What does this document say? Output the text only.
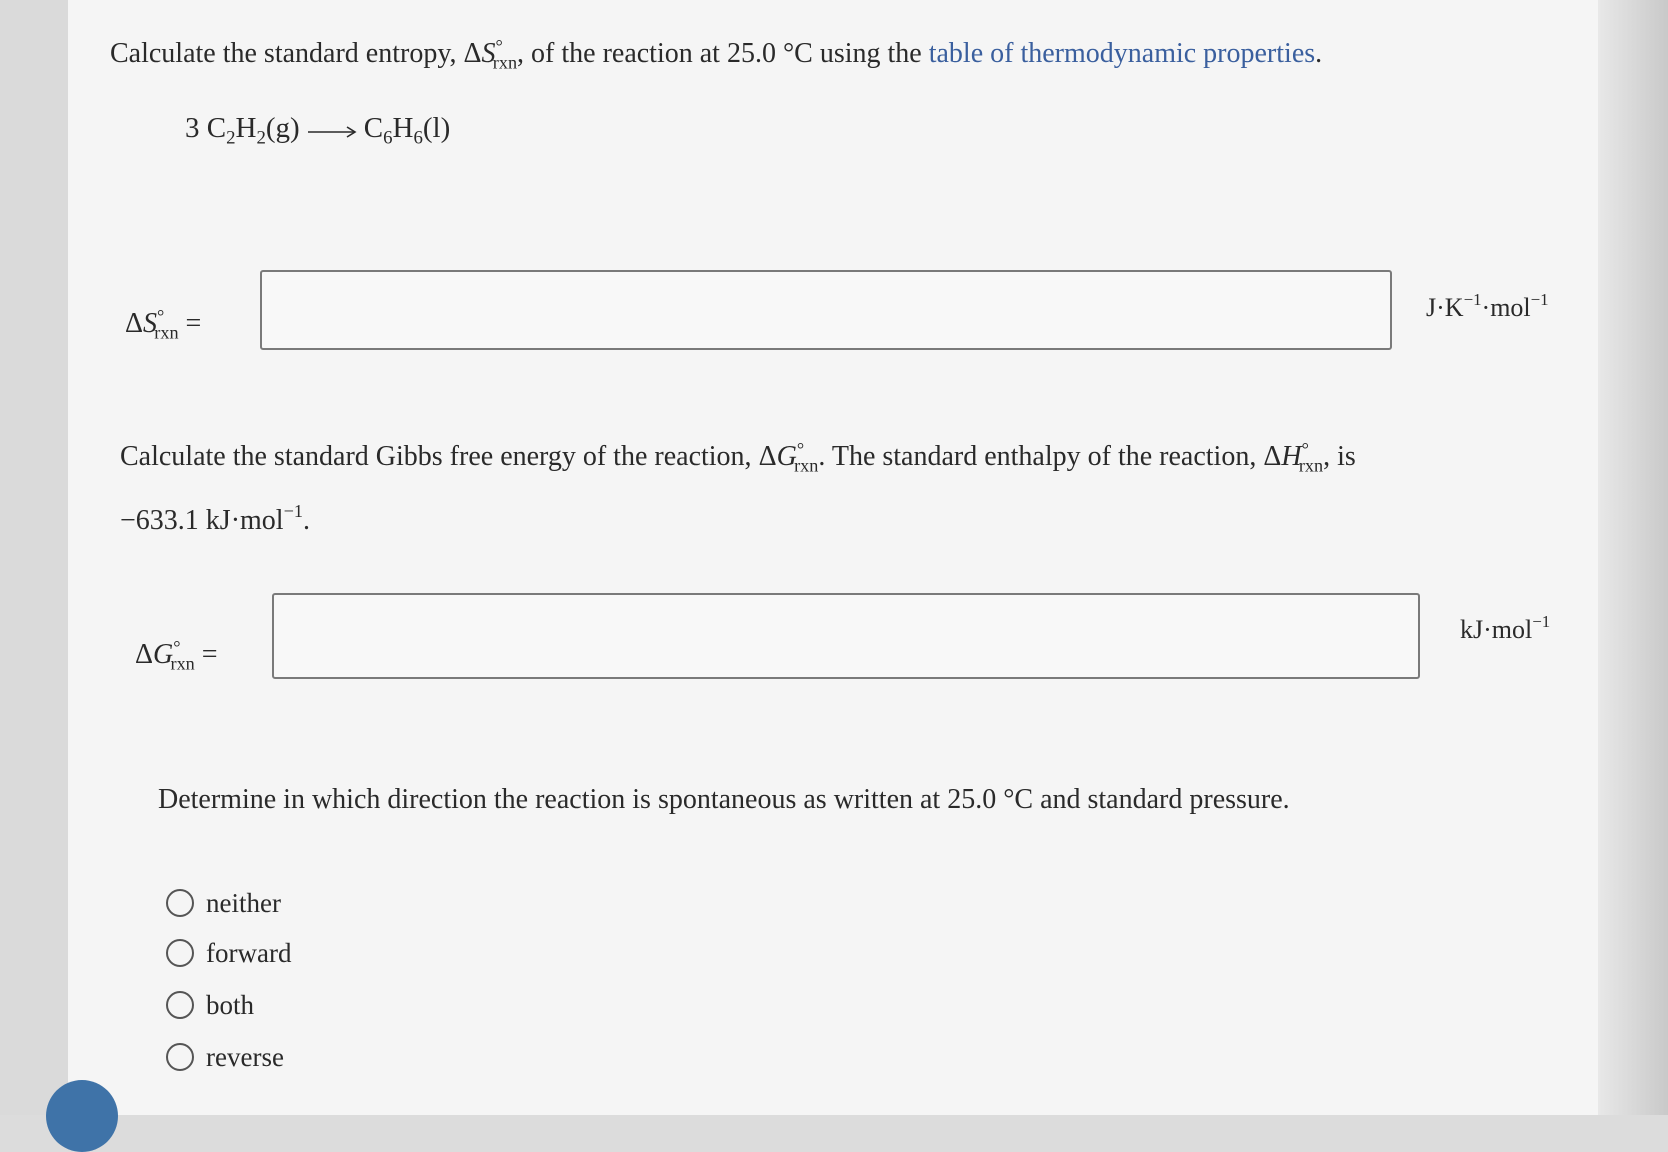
Calculate the standard entropy, $\Delta S^\circ_{rxn}$, of the reaction at 25.0 °C using the table of thermodynamic properties.
3 $C_2H_2(g) \to C_6H_6(l)$
$\Delta S^\circ_{rxn}$ =
$J\cdot K^{-1}\cdot mol^{-1}$
Calculate the standard Gibbs free energy of the reaction, $\Delta G^\circ_{rxn}$. The standard enthalpy of the reaction, $\Delta H^\circ_{rxn}$, is
−633.1 kJ·mol$^{-1}$.
$\Delta G^\circ_{rxn}$ =
kJ·mol$^{-1}$
Determine in which direction the reaction is spontaneous as written at 25.0 °C and standard pressure.
neither
forward
both
reverse
